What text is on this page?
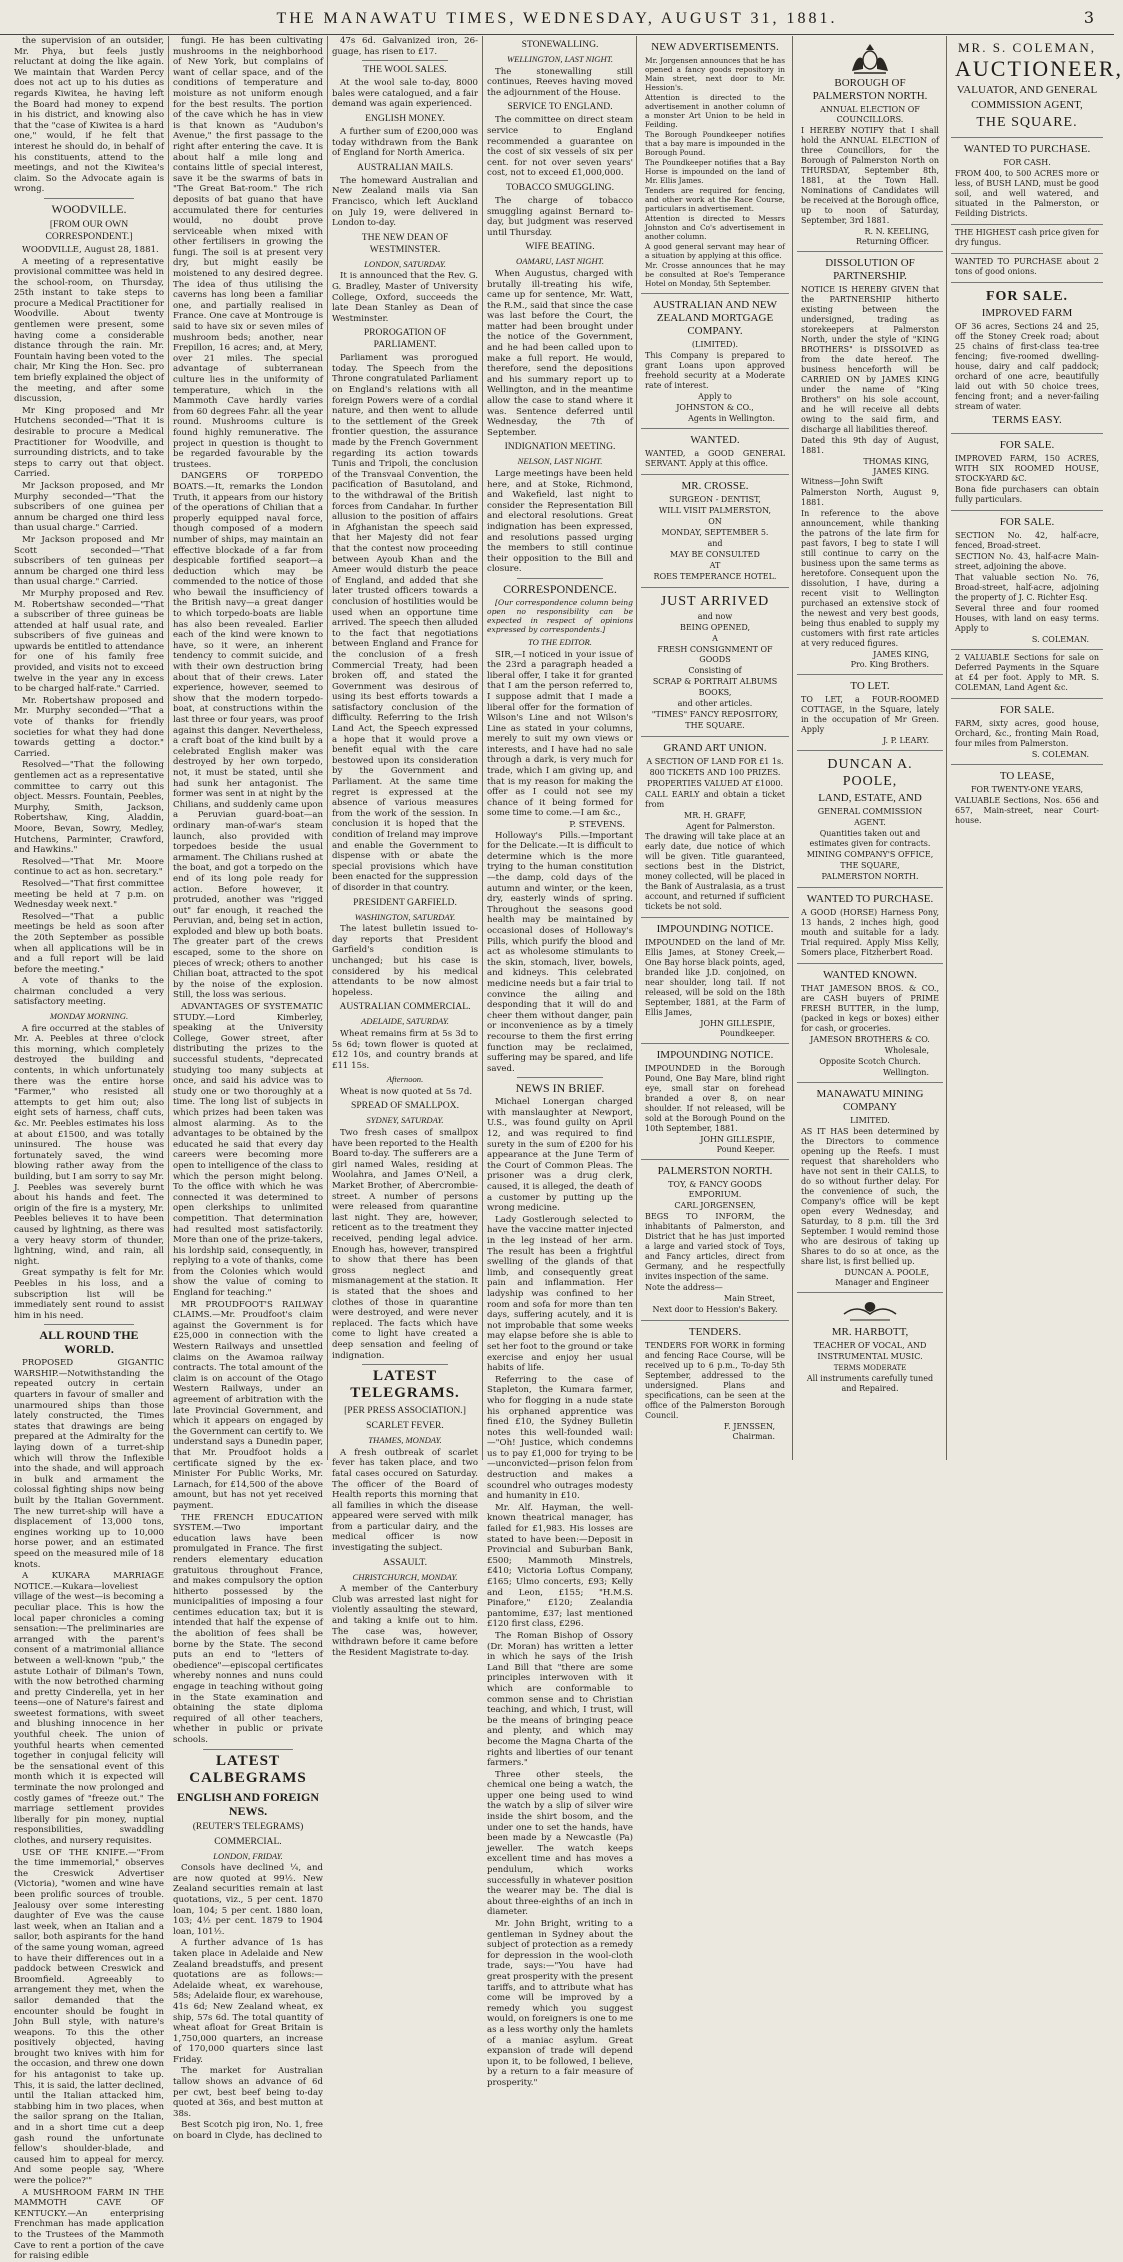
THE MANAWATU TIMES, WEDNESDAY, AUGUST 31, 1881.	3

the supervision of an outsider, Mr. Phya, but feels justly reluctant at doing the like again. We maintain that Warden Percy does not act up to his duties as regards Kiwitea, he having left the Board had money to expend in his district, and knowing also that the "case of Kiwitea is a hard one," would, if he felt that interest he should do, in behalf of his constituents, attend to the meetings, and not the Kiwitea's claim. So the Advocate again is wrong.

WOODVILLE.
[FROM OUR OWN CORRESPONDENT.]

WOODVILLE, August 28, 1881.

A meeting of a representative provisional committee was held in the school-room, on Thursday, 25th instant to take steps to procure a Medical Practitioner for Woodville. About twenty gentlemen were present, some having come a considerable distance through the rain. Mr. Fountain having been voted to the chair, Mr King the Hon. Sec. pro tem briefly explained the object of the meeting, and after some discussion,

Mr King proposed and Mr Hutchens seconded—"That it is desirable to procure a Medical Practitioner for Woodville, and surrounding districts, and to take steps to carry out that object. Carried.

Mr Jackson proposed, and Mr Murphy seconded—"That the subscribers of one guinea per annum be charged one third less than usual charge." Carried.

Mr Jackson proposed and Mr Scott seconded—"That subscribers of ten guineas per annum be charged one third less than usual charge." Carried.

Mr Murphy proposed and Rev. M. Robertshaw seconded—"That a subscriber of three guineas be attended at half usual rate, and subscribers of five guineas and upwards be entitled to attendance for one of his family free provided, and visits not to exceed twelve in the year any in excess to be charged half-rate." Carried.

Mr. Robertshaw proposed and Mr. Murphy seconded—"That a vote of thanks for friendly societies for what they had done towards getting a doctor." Carried.

Resolved—"That the following gentlemen act as a representative committee to carry out this object. Messrs. Fountain, Peebles, Murphy, Smith, Jackson, Robertshaw, King, Aladdin, Moore, Bevan, Sowry, Medley, Hutchens, Parminter, Crawford, and Hawkins."

Resolved—"That Mr. Moore continue to act as hon. secretary."

Resolved—"That first committee meeting be held at 7 p.m. on Wednesday week next."

Resolved—"That a public meetings be held as soon after the 20th September as possible when all applications will be in and a full report will be laid before the meeting."

A vote of thanks to the chairman concluded a very satisfactory meeting.

MONDAY MORNING.

A fire occurred at the stables of Mr. A. Peebles at three o'clock this morning, which completely destroyed the building and contents, in which unfortunately there was the entire horse "Farmer," who resisted all attempts to get him out; also eight sets of harness, chaff cuts, &c. Mr. Peebles estimates his loss at about £1500, and was totally uninsured. The house was fortunately saved, the wind blowing rather away from the building, but I am sorry to say Mr. J. Peebles was severely burnt about his hands and feet. The origin of the fire is a mystery, Mr. Peebles believes it to have been caused by lightning, as there was a very heavy storm of thunder, lightning, wind, and rain, all night.

Great sympathy is felt for Mr. Peebles in his loss, and a subscription list will be immediately sent round to assist him in his need.

ALL ROUND THE WORLD.

PROPOSED GIGANTIC WARSHIP.—Notwithstanding the repeated outcry in certain quarters in favour of smaller and unarmoured ships than those lately constructed, the Times states that drawings are being prepared at the Admiralty for the laying down of a turret-ship which will throw the Inflexible into the shade, and will approach in bulk and armament the colossal fighting ships now being built by the Italian Government. The new turret-ship will have a displacement of 13,000 tons, engines working up to 10,000 horse power, and an estimated speed on the measured mile of 18 knots.

A KUKARA MARRIAGE NOTICE.—Kukara—loveliest village of the west—is becoming a peculiar place. This is how the local paper chronicles a coming sensation:—The preliminaries are arranged with the parent's consent of a matrimonial alliance between a well-known "pub," the astute Lothair of Dilman's Town, with the now betrothed charming and pretty Cinderella, yet in her teens—one of Nature's fairest and sweetest formations, with sweet and blushing innocence in her youthful cheek. The union of youthful hearts when cemented together in conjugal felicity will be the sensational event of this month which it is expected will terminate the now prolonged and costly games of "freeze out." The marriage settlement provides liberally for pin money, nuptial responsibilities, swaddling clothes, and nursery requisites.

USE OF THE KNIFE.—"From the time immemorial," observes the Creswick Advertiser (Victoria), "women and wine have been prolific sources of trouble. Jealousy over some interesting daughter of Eve was the cause last week, when an Italian and a sailor, both aspirants for the hand of the same young woman, agreed to have their differences out in a paddock between Creswick and Broomfield. Agreeably to arrangement they met, when the sailor demanded that the encounter should be fought in John Bull style, with nature's weapons. To this the other positively objected, having brought two knives with him for the occasion, and threw one down for his antagonist to take up. This, it is said, the latter declined, until the Italian attacked him, stabbing him in two places, when the sailor sprang on the Italian, and in a short time cut a deep gash round the unfortunate fellow's shoulder-blade, and caused him to appeal for mercy. And some people say, 'Where were the police?'"

A MUSHROOM FARM IN THE MAMMOTH CAVE OF KENTUCKY.—An enterprising Frenchman has made application to the Trustees of the Mammoth Cave to rent a portion of the cave for raising edible

fungi. He has been cultivating mushrooms in the neighborhood of New York, but complains of want of cellar space, and of the conditions of temperature and moisture as not uniform enough for the best results. The portion of the cave which he has in view is that known as "Audubon's Avenue," the first passage to the right after entering the cave. It is about half a mile long and contains little of special interest, save it be the swarms of bats in "The Great Bat-room." The rich deposits of bat guano that have accumulated there for centuries would, no doubt prove serviceable when mixed with other fertilisers in growing the fungi. The soil is at present very dry, but might easily be moistened to any desired degree. The idea of thus utilising the caverns has long been a familiar one, and partially realised in France. One cave at Montrouge is said to have six or seven miles of mushroom beds; another, near Frepillon, 16 acres; and, at Mery, over 21 miles. The special advantage of subterranean culture lies in the uniformity of temperature, which in the Mammoth Cave hardly varies from 60 degrees Fahr. all the year round. Mushrooms culture is found highly remunerative. The project in question is thought to be regarded favourable by the trustees.

DANGERS OF TORPEDO BOATS.—It, remarks the London Truth, it appears from our history of the operations of Chilian that a properly equipped naval force, though composed of a modern number of ships, may maintain an effective blockade of a far from despicable fortified seaport—a deduction which may be commended to the notice of those who bewail the insufficiency of the British navy—a great danger to which torpedo-boats are liable has also been revealed. Earlier each of the kind were known to have, so it were, an inherent tendency to commit suicide, and with their own destruction bring about that of their crews. Later experience, however, seemed to show that the modern torpedo-boat, at constructions within the last three or four years, was proof against this danger. Nevertheless, a craft boat of the kind built by a celebrated English maker was destroyed by her own torpedo, not, it must be stated, until she had sunk her antagonist. The former was sent in at night by the Chilians, and suddenly came upon a Peruvian guard-boat—an ordinary man-of-war's steam launch, also provided with torpedoes beside the usual armament. The Chilians rushed at the boat, and got a torpedo on the end of its long pole ready for action. Before however, it protruded, another was "rigged out" far enough, it reached the Peruvian, and, being set in action, exploded and blew up both boats. The greater part of the crews escaped, some to the shore on pieces of wreck; others to another Chilian boat, attracted to the spot by the noise of the explosion. Still, the loss was serious.

ADVANTAGES OF SYSTEMATIC STUDY.—Lord Kimberley, speaking at the University College, Gower street, after distributing the prizes to the successful students, "deprecated studying too many subjects at once, and said his advice was to study one or two thoroughly at a time. The long list of subjects in which prizes had been taken was almost alarming. As to the advantages to be obtained by the educated he said that every day careers were becoming more open to intelligence of the class to which the person might belong. To the office with which he was connected it was determined to open clerkships to unlimited competition. That determination had resulted most satisfactorily. More than one of the prize-takers, his lordship said, consequently, in replying to a vote of thanks, come from the Colonies which would show the value of coming to England for teaching."

MR PROUDFOOT'S RAILWAY CLAIMS.—Mr. Proudfoot's claim against the Government is for £25,000 in connection with the Western Railways and unsettled claims on the Awamoa railway contracts. The total amount of the claim is on account of the Otago Western Railways, under an agreement of arbitration with the late Provincial Government, and which it appears on engaged by the Government can certify to. We understand says a Dunedin paper, that Mr. Proudfoot holds a certificate signed by the ex-Minister For Public Works, Mr. Larnach, for £14,500 of the above amount, but has not yet received payment.

THE FRENCH EDUCATION SYSTEM.—Two important education laws have been promulgated in France. The first renders elementary education gratuitous throughout France, and makes compulsory the option hitherto possessed by the municipalities of imposing a four centimes education tax; but it is intended that half the expense of the abolition of fees shall be borne by the State. The second puts an end to "letters of obedience"—episcopal certificates whereby nonnes and nuns could engage in teaching without going in the State examination and obtaining the state diploma required of all other teachers, whether in public or private schools.

LATEST CALBEGRAMS
ENGLISH AND FOREIGN NEWS.
(REUTER'S TELEGRAMS)
COMMERCIAL.
LONDON, FRIDAY.

Consols have declined ¼, and are now quoted at 99½. New Zealand securities remain at last quotations, viz., 5 per cent. 1870 loan, 104; 5 per cent. 1880 loan, 103; 4½ per cent. 1879 to 1904 loan, 101½.

A further advance of 1s has taken place in Adelaide and New Zealand breadstuffs, and present quotations are as follows:—Adelaide wheat, ex warehouse, 58s; Adelaide flour, ex warehouse, 41s 6d; New Zealand wheat, ex ship, 57s 6d. The total quantity of wheat afloat for Great Britain is 1,750,000 quarters, an increase of 170,000 quarters since last Friday.

The market for Australian tallow shows an advance of 6d per cwt, best beef being to-day quoted at 36s, and best mutton at 38s.

Best Scotch pig iron, No. 1, free on board in Clyde, has declined to

47s 6d. Galvanized iron, 26-guage, has risen to £17.

THE WOOL SALES.

At the wool sale to-day, 8000 bales were catalogued, and a fair demand was again experienced.

ENGLISH MONEY.

A further sum of £200,000 was today withdrawn from the Bank of England for North America.

AUSTRALIAN MAILS.

The homeward Australian and New Zealand mails via San Francisco, which left Auckland on July 19, were delivered in London to-day.

THE NEW DEAN OF WESTMINSTER.
LONDON, SATURDAY.

It is announced that the Rev. G. G. Bradley, Master of University College, Oxford, succeeds the late Dean Stanley as Dean of Westminster.

PROROGATION OF PARLIAMENT.

Parliament was prorogued today. The Speech from the Throne congratulated Parliament on England's relations with all foreign Powers were of a cordial nature, and then went to allude to the settlement of the Greek frontier question, the assurance made by the French Government regarding its action towards Tunis and Tripoli, the conclusion of the Transvaal Convention, the pacification of Basutoland, and to the withdrawal of the British forces from Candahar. In further allusion to the position of affairs in Afghanistan the speech said that her Majesty did not fear that the contest now proceeding between Ayoub Khan and the Ameer would disturb the peace of England, and added that she later trusted officers towards a conclusion of hostilities would be used when an opportune time arrived. The speech then alluded to the fact that negotiations between England and France for the conclusion of a fresh Commercial Treaty, had been broken off, and stated the Government was desirous of using its best efforts towards a satisfactory conclusion of the difficulty. Referring to the Irish Land Act, the Speech expressed a hope that it would prove a benefit equal with the care bestowed upon its consideration by the Government and Parliament. At the same time regret is expressed at the absence of various measures from the work of the session. In conclusion it is hoped that the condition of Ireland may improve and enable the Government to dispense with or abate the special provisions which have been enacted for the suppression of disorder in that country.

PRESIDENT GARFIELD.
WASHINGTON, SATURDAY.

The latest bulletin issued to-day reports that President Garfield's condition is unchanged; but his case is considered by his medical attendants to be now almost hopeless.

AUSTRALIAN COMMERCIAL.
ADELAIDE, SATURDAY.

Wheat remains firm at 5s 3d to 5s 6d; town flower is quoted at £12 10s, and country brands at £11 15s.

Afternoon.

Wheat is now quoted at 5s 7d.

SPREAD OF SMALLPOX.
SYDNEY, SATURDAY.

Two fresh cases of smallpox have been reported to the Health Board to-day. The sufferers are a girl named Wales, residing at Woolahra, and James O'Neil, a Market Brother, of Abercrombie-street. A number of persons were released from quarantine last night. They are, however, reticent as to the treatment they received, pending legal advice. Enough has, however, transpired to show that there has been gross neglect and mismanagement at the station. It is stated that the shoes and clothes of those in quarantine were destroyed, and were never replaced. The facts which have come to light have created a deep sensation and feeling of indignation.

LATEST TELEGRAMS.
[PER PRESS ASSOCIATION.]
SCARLET FEVER.
THAMES, MONDAY.

A fresh outbreak of scarlet fever has taken place, and two fatal cases occured on Saturday. The officer of the Board of Health reports this morning that all families in which the disease appeared were served with milk from a particular dairy, and the medical officer is now investigating the subject.

ASSAULT.
CHRISTCHURCH, MONDAY.

A member of the Canterbury Club was arrested last night for violently assaulting the steward, and taking a knife out to him. The case was, however, withdrawn before it came before the Resident Magistrate to-day.

STONEWALLING.
WELLINGTON, LAST NIGHT.

The stonewalling still continues, Reeves having moved the adjournment of the House.

SERVICE TO ENGLAND.

The committee on direct steam service to England recommended a guarantee on the cost of six vessels of six per cent. for not over seven years' cost, not to exceed £1,000,000.

TOBACCO SMUGGLING.

The charge of tobacco smuggling against Bernard to-day, but judgment was reserved until Thursday.

WIFE BEATING.
OAMARU, LAST NIGHT.

When Augustus, charged with brutally ill-treating his wife, came up for sentence, Mr. Watt, the R.M., said that since the case was last before the Court, the matter had been brought under the notice of the Government, and he had been called upon to make a full report. He would, therefore, send the depositions and his summary report up to Wellington, and in the meantime allow the case to stand where it was. Sentence deferred until Wednesday, the 7th of September.

INDIGNATION MEETING.
NELSON, LAST NIGHT.

Large meetings have been held here, and at Stoke, Richmond, and Wakefield, last night to consider the Representation Bill and electoral resolutions. Great indignation has been expressed, and resolutions passed urging the members to still continue their opposition to the Bill and closure.

CORRESPONDENCE.

[Our correspondence column being open no responsibility can be expected in respect of opinions expressed by correspondents.]

TO THE EDITOR.

SIR,—I noticed in your issue of the 23rd a paragraph headed a liberal offer, I take it for granted that I am the person referred to, I suppose admit that I made a liberal offer for the formation of Wilson's Line and not Wilson's Line as stated in your columns, merely to suit my own views or interests, and I have had no sale through a dark, is very much for trade, which I am giving up, and that is my reason for making the offer as I could not see my chance of it being formed for some time to come.—I am &c.,

P. STEVENS.

Holloway's Pills.—Important for the Delicate.—It is difficult to determine which is the more trying to the human constitution—the damp, cold days of the autumn and winter, or the keen, dry, easterly winds of spring. Throughout the seasons good health may be maintained by occasional doses of Holloway's Pills, which purify the blood and act as wholesome stimulants to the skin, stomach, liver, bowels, and kidneys. This celebrated medicine needs but a fair trial to convince the ailing and desponding that it will do and cheer them without danger, pain or inconvenience as by a timely recourse to them the first erring function may be reclaimed, suffering may be spared, and life saved.

NEWS IN BRIEF.

Michael Lonergan charged with manslaughter at Newport, U.S., was found guilty on April 12, and was required to find surety in the sum of £200 for his appearance at the June Term of the Court of Common Pleas. The prisoner was a drug clerk, caused, it is alleged, the death of a customer by putting up the wrong medicine.

Lady Gostlerough selected to have the vaccine matter injected in the leg instead of her arm. The result has been a frightful swelling of the glands of that limb, and consequently great pain and inflammation. Her ladyship was confined to her room and sofa for more than ten days, suffering acutely, and it is not improbable that some weeks may elapse before she is able to set her foot to the ground or take exercise and enjoy her usual habits of life.

Referring to the case of Stapleton, the Kumara farmer, who for flogging in a nude state his orphaned apprentice was fined £10, the Sydney Bulletin notes this well-founded wail:—"Oh! Justice, which condemns us to pay £1,000 for trying to be—unconvicted—prison felon from destruction and makes a scoundrel who outrages modesty and humanity in £10.

Mr. Alf. Hayman, the well-known theatrical manager, has failed for £1,983. His losses are stated to have been:—Deposit in Provincial and Suburban Bank, £500; Mammoth Minstrels, £410; Victoria Loftus Company, £165; Ulmo concerts, £93; Kelly and Leon, £155; "H.M.S. Pinafore," £120; Zealandia pantomime, £37; last mentioned £120 first class, £296.

The Roman Bishop of Ossory (Dr. Moran) has written a letter in which he says of the Irish Land Bill that "there are some principles interwoven with it which are conformable to common sense and to Christian teaching, and which, I trust, will be the means of bringing peace and plenty, and which may become the Magna Charta of the rights and liberties of our tenant farmers."

Three other steels, the chemical one being a watch, the upper one being used to wind the watch by a slip of silver wire inside the shirt bosom, and the under one to set the hands, have been made by a Newcastle (Pa) jeweller. The watch keeps excellent time and has moves a pendulum, which works successfully in whatever position the wearer may be. The dial is about three-eighths of an inch in diameter.

Mr. John Bright, writing to a gentleman in Sydney about the subject of protection as a remedy for depression in the wool-cloth trade, says:—"You have had great prosperity with the present tariffs, and to attribute what has come will be improved by a remedy which you suggest would, on foreigners is one to me as a less worthy only the hamlets of a maniac asylum. Great expansion of trade will depend upon it, to be followed, I believe, by a return to a fair measure of prosperity."

NEW ADVERTISEMENTS.

Mr. Jorgensen announces that he has opened a fancy goods repository in Main street, next door to Mr. Hession's.

Attention is directed to the advertisement in another column of a monster Art Union to be held in Feilding.

The Borough Poundkeeper notifies that a bay mare is impounded in the Borough Pound.

The Poundkeeper notifies that a Bay Horse is impounded on the land of Mr. Ellis James.

Tenders are required for fencing, and other work at the Race Course, particulars in advertisement.

Attention is directed to Messrs Johnston and Co's advertisement in another column.

A good general servant may hear of a situation by applying at this office.

Mr. Crosse announces that he may be consulted at Roe's Temperance Hotel on Monday, 5th September.

AUSTRALIAN AND NEW ZEALAND MORTGAGE COMPANY.
(LIMITED).

This Company is prepared to grant Loans upon approved freehold security at a Moderate rate of interest.

Apply to
JOHNSTON & CO.,
Agents in Wellington.
WANTED.

WANTED, a GOOD GENERAL SERVANT. Apply at this office.

MR. CROSSE.
SURGEON - DENTIST,
WILL VISIT PALMERSTON,
ON
MONDAY, SEPTEMBER 5.
and
MAY BE CONSULTED
AT
ROES TEMPERANCE HOTEL.
JUST ARRIVED
and now
BEING OPENED,
A
FRESH CONSIGNMENT OF GOODS
Consisting of
SCRAP & PORTRAIT ALBUMS
BOOKS,
and other articles.
"TIMES" FANCY REPOSITORY,
THE SQUARE.
GRAND ART UNION.
A SECTION OF LAND FOR £1 1s.
800 TICKETS AND 100 PRIZES.
PROPERTIES VALUED AT £1000.

CALL EARLY and obtain a ticket from

MR. H. GRAFF,
Agent for Palmerston.

The drawing will take place at an early date, due notice of which will be given. Title guaranteed, sections best in the District, money collected, will be placed in the Bank of Australasia, as a trust account, and returned if sufficient tickets be not sold.

IMPOUNDING NOTICE.

IMPOUNDED on the land of Mr. Ellis James, at Stoney Creek,— One Bay horse black points, aged, branded like J.D. conjoined, on near shoulder, long tail. If not released, will be sold on the 18th September, 1881, at the Farm of Ellis James,

JOHN GILLESPIE,
Poundkeeper.
IMPOUNDING NOTICE.

IMPOUNDED in the Borough Pound, One Bay Mare, blind right eye, small star on forehead branded a over 8, on near shoulder. If not released, will be sold at the Borough Pound on the 10th September, 1881.

JOHN GILLESPIE,
Pound Keeper.
PALMERSTON NORTH.
TOY, & FANCY GOODS EMPORIUM.
CARL JORGENSEN,

BEGS TO INFORM, the inhabitants of Palmerston, and District that he has just imported a large and varied stock of Toys, and Fancy articles, direct from Germany, and he respectfully invites inspection of the same.

Note the address—

Main Street,
Next door to Hession's Bakery.
TENDERS.

TENDERS FOR WORK in forming and fencing Race Course, will be received up to 6 p.m., To-day 5th September, addressed to the undersigned. Plans and specifications, can be seen at the office of the Palmerston Borough Council.

F. JENSSEN,
Chairman.
BOROUGH OF PALMERSTON NORTH.
ANNUAL ELECTION OF COUNCILLORS.

I HEREBY NOTIFY that I shall hold the ANNUAL ELECTION of three Councillors, for the Borough of Palmerston North on THURSDAY, September 8th, 1881, at the Town Hall. Nominations of Candidates will be received at the Borough office, up to noon of Saturday, September, 3rd 1881.

R. N. KEELING,
Returning Officer.
DISSOLUTION OF PARTNERSHIP.

NOTICE IS HEREBY GIVEN that the PARTNERSHIP hitherto existing between the undersigned, trading as storekeepers at Palmerston North, under the style of "KING BROTHERS" is DISSOLVED as from the date hereof. The business henceforth will be CARRIED ON by JAMES KING under the name of "King Brothers" on his sole account, and he will receive all debts owing to the said firm, and discharge all liabilities thereof.

Dated this 9th day of August, 1881.

THOMAS KING,
JAMES KING.

Witness—John Swift

Palmerston North, August 9, 1881.

In reference to the above announcement, while thanking the patrons of the late firm for past favors, I beg to state I will still continue to carry on the business upon the same terms as heretofore. Consequent upon the dissolution, I have, during a recent visit to Wellington purchased an extensive stock of the newest and very best goods, being thus enabled to supply my customers with first rate articles at very reduced figures.

JAMES KING,
Pro. King Brothers.
TO LET.

TO LET, a FOUR-ROOMED COTTAGE, in the Square, lately in the occupation of Mr Green. Apply

J. P. LEARY.
DUNCAN A. POOLE,
LAND, ESTATE, AND
GENERAL COMMISSION
AGENT.
Quantities taken out and estimates given for contracts.
MINING COMPANY'S OFFICE,
THE SQUARE,
PALMERSTON NORTH.
WANTED TO PURCHASE.

A GOOD (HORSE) Harness Pony, 13 hands, 2 inches high, good mouth and suitable for a lady. Trial required. Apply Miss Kelly, Somers place, Fitzherbert Road.

WANTED KNOWN.

THAT JAMESON BROS. & CO., are CASH buyers of PRIME FRESH BUTTER, in the lump, (packed in kegs or boxes) either for cash, or groceries.

JAMESON BROTHERS & CO.
Wholesale,
Opposite Scotch Church.
Wellington.
MANAWATU MINING COMPANY
LIMITED.

AS IT HAS been determined by the Directors to commence opening up the Reefs. I must request that shareholders who have not sent in their CALLS, to do so without further delay. For the convenience of such, the Company's office will be kept open every Wednesday, and Saturday, to 8 p.m. till the 3rd September. I would remind those who are desirous of taking up Shares to do so at once, as the share list, is first bellied up.

DUNCAN A. POOLE,
Manager and Engineer
MR. HARBOTT,
TEACHER OF VOCAL, AND
INSTRUMENTAL MUSIC.
TERMS MODERATE
All instruments carefully tuned and Repaired.
MR. S. COLEMAN,
AUCTIONEER,
VALUATOR, AND GENERAL
COMMISSION AGENT,
THE SQUARE.
WANTED TO PURCHASE.
FOR CASH.

FROM 400, to 500 ACRES more or less, of BUSH LAND, must be good soil, and well watered, and situated in the Palmerston, or Feilding Districts.

THE HIGHEST cash price given for dry fungus.

WANTED TO PURCHASE about 2 tons of good onions.

FOR SALE.
IMPROVED FARM

OF 36 acres, Sections 24 and 25, off the Stoney Creek road; about 25 chains of first-class tea-tree fencing; five-roomed dwelling-house, dairy and calf paddock; orchard of one acre, beautifully laid out with 50 choice trees, fencing front; and a never-failing stream of water.

TERMS EASY.
FOR SALE.

IMPROVED FARM, 150 ACRES, WITH SIX ROOMED HOUSE, STOCK-YARD &C.

Bona fide purchasers can obtain fully particulars.

FOR SALE.

SECTION No. 42, half-acre, fenced, Broad-street.

SECTION No. 43, half-acre Main-street, adjoining the above.

That valuable section No. 76, Broad-street, half-acre, adjoining the property of J. C. Richter Esq.

Several three and four roomed Houses, with land on easy terms. Apply to

S. COLEMAN.

2 VALUABLE Sections for sale on Deferred Payments in the Square at £4 per foot. Apply to MR. S. COLEMAN, Land Agent &c.

FOR SALE.

FARM, sixty acres, good house, Orchard, &c., fronting Main Road, four miles from Palmerston.

S. COLEMAN.
TO LEASE,
FOR TWENTY-ONE YEARS,

VALUABLE Sections, Nos. 656 and 657, Main-street, near Court-house.
